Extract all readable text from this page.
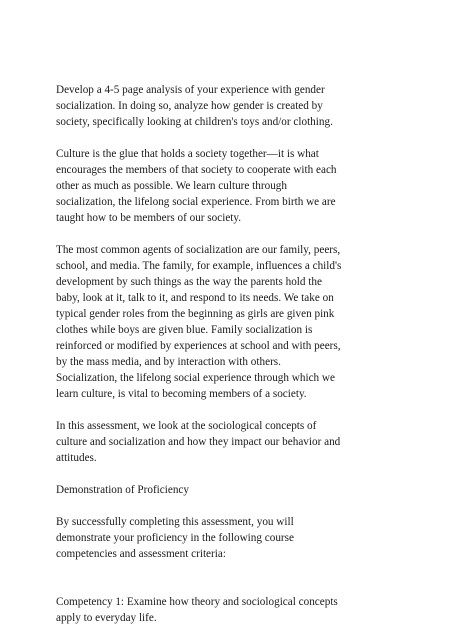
Develop a 4-5 page analysis of your experience with gender
socialization. In doing so, analyze how gender is created by
society, specifically looking at children's toys and/or clothing.
Culture is the glue that holds a society together—it is what
encourages the members of that society to cooperate with each
other as much as possible. We learn culture through
socialization, the lifelong social experience. From birth we are
taught how to be members of our society.
The most common agents of socialization are our family, peers,
school, and media. The family, for example, influences a child's
development by such things as the way the parents hold the
baby, look at it, talk to it, and respond to its needs. We take on
typical gender roles from the beginning as girls are given pink
clothes while boys are given blue. Family socialization is
reinforced or modified by experiences at school and with peers,
by the mass media, and by interaction with others.
Socialization, the lifelong social experience through which we
learn culture, is vital to becoming members of a society.
In this assessment, we look at the sociological concepts of
culture and socialization and how they impact our behavior and
attitudes.
Demonstration of Proficiency
By successfully completing this assessment, you will
demonstrate your proficiency in the following course
competencies and assessment criteria:
Competency 1: Examine how theory and sociological concepts
apply to everyday life.
